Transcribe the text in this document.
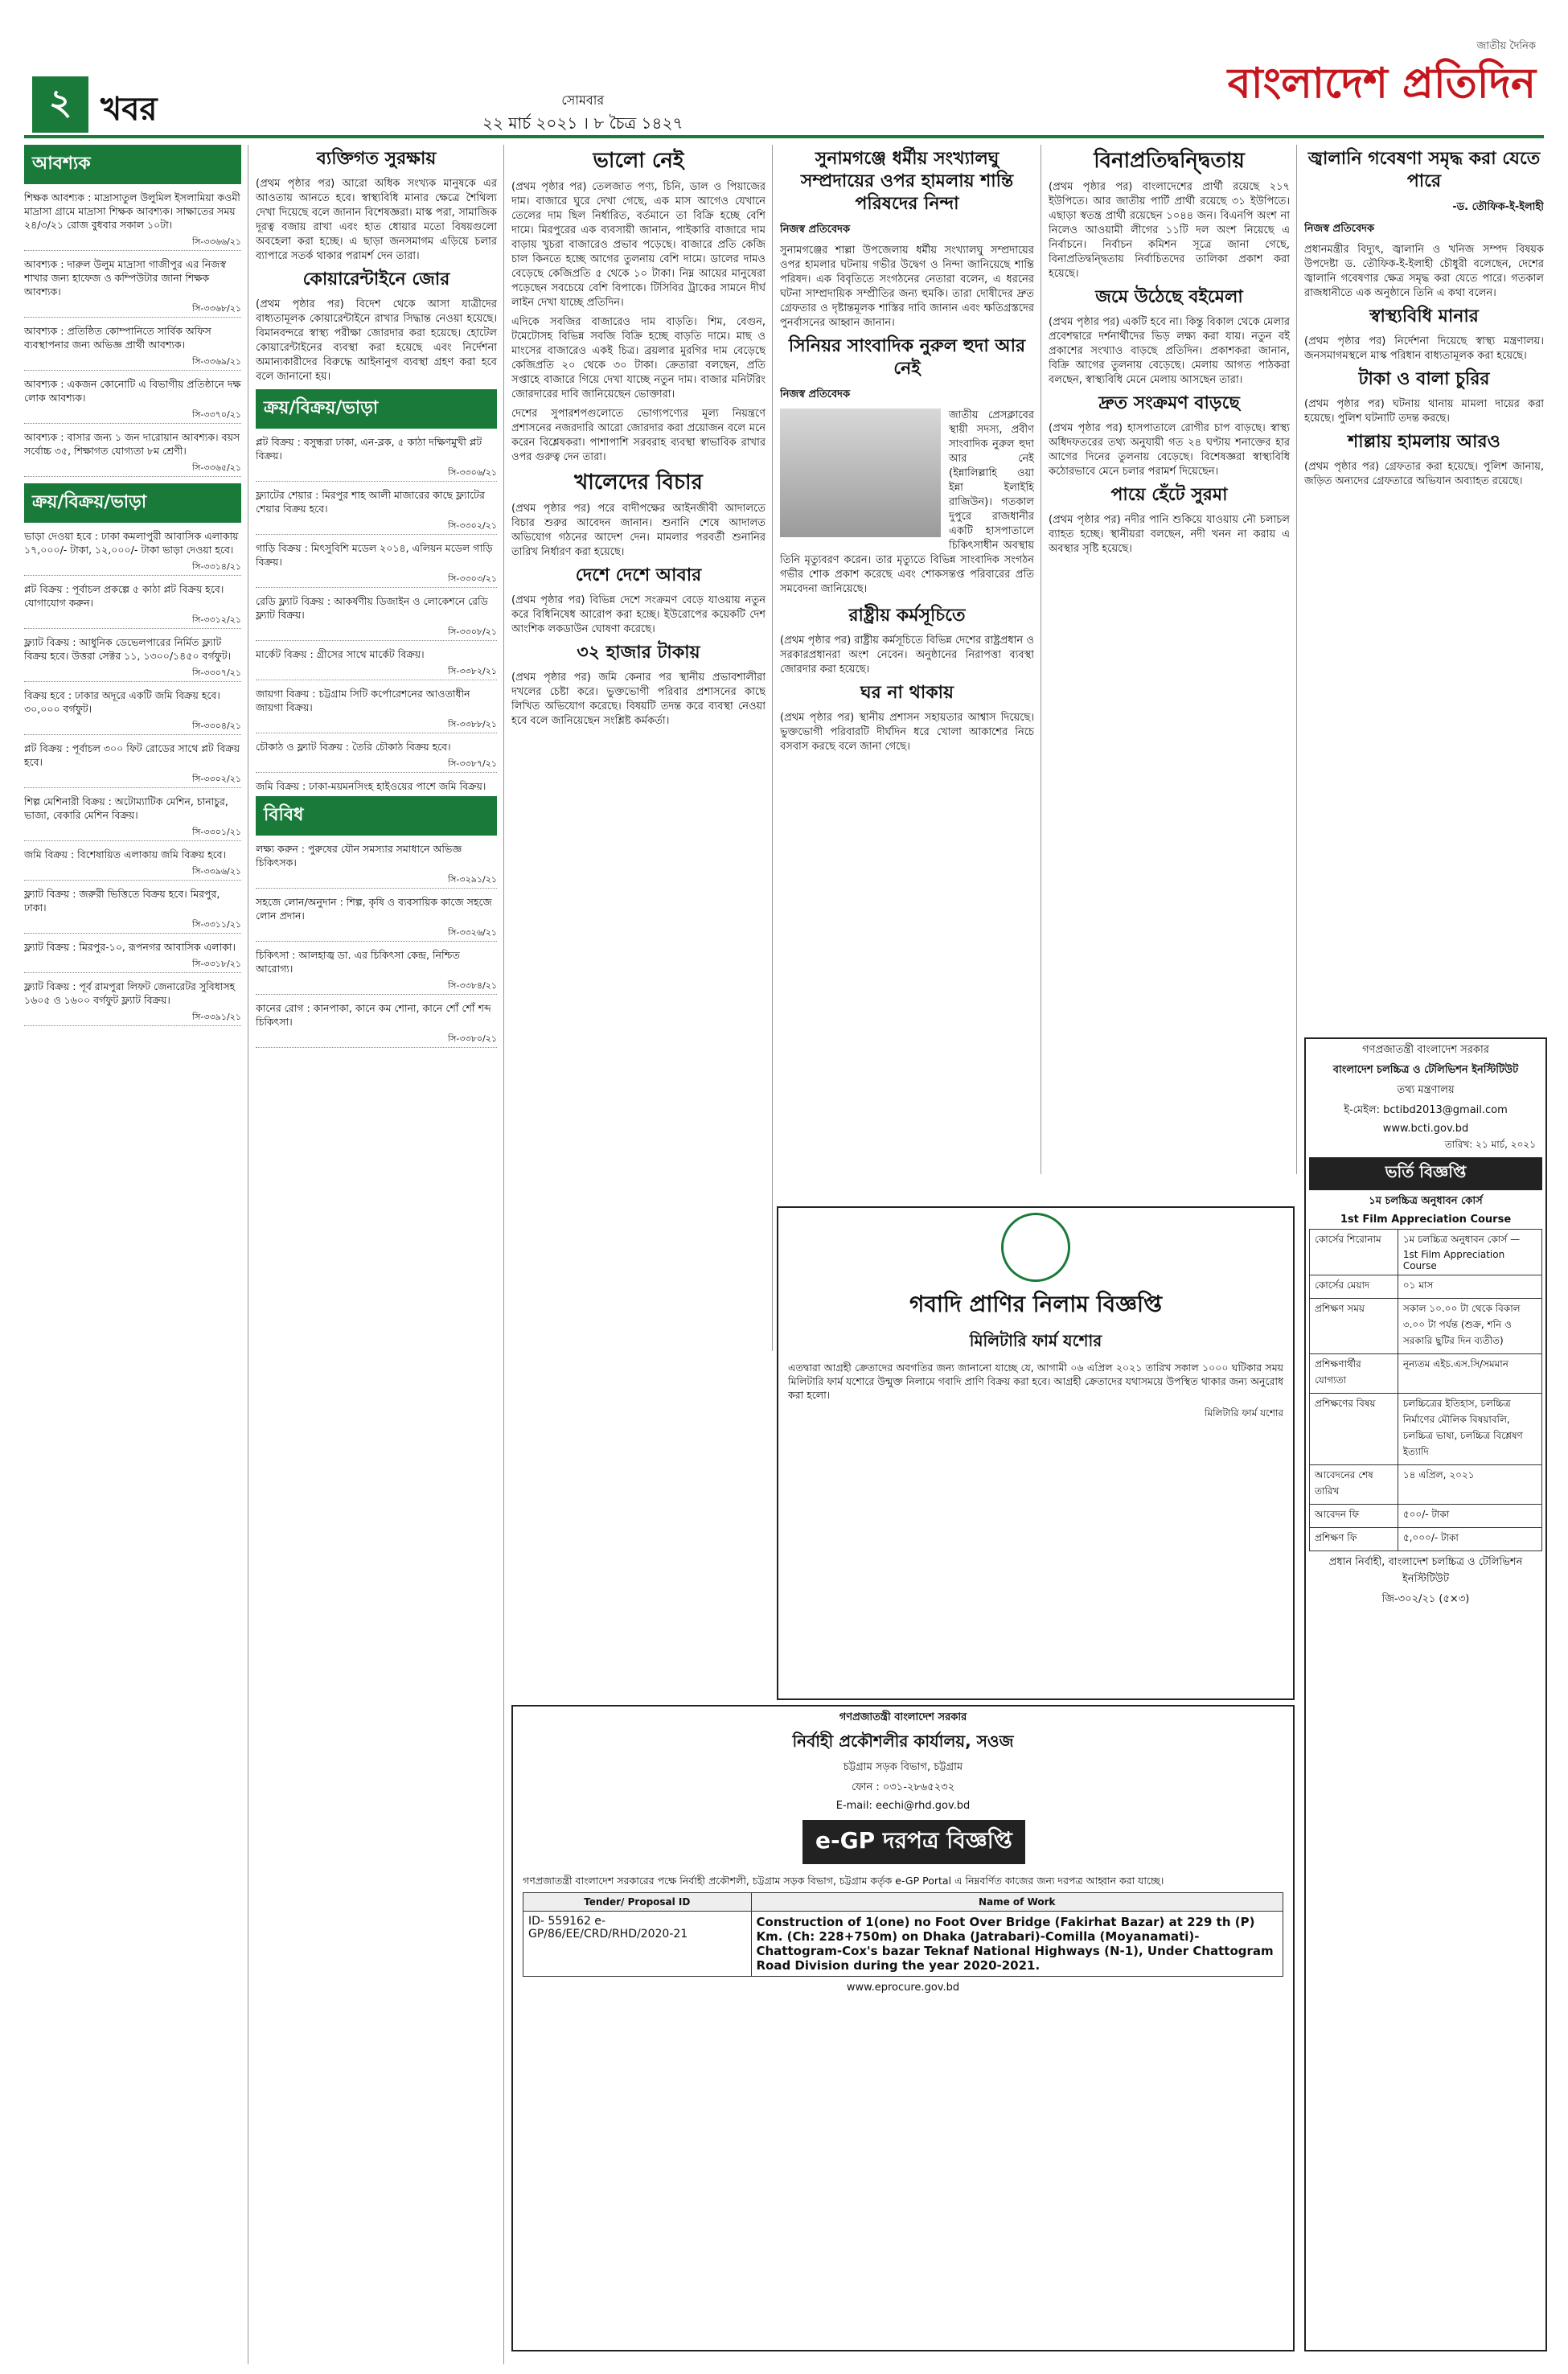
২ খবর	সোমবার
২২ মার্চ ২০২১ । ৮ চৈত্র ১৪২৭
জাতীয় দৈনিক
বাংলাদেশ প্রতিদিন
আবশ্যক
শিক্ষক আবশ্যক : মাদ্রাসাতুল উলুমিল ইসলামিয়া কওমী মাদ্রাসা গ্রামে মাদ্রাসা শিক্ষক আবশ্যক। সাক্ষাতের সময় ২৪/৩/২১ রোজ বুধবার সকাল ১০টা।
সি-৩৩৬৬/২১
আবশ্যক : দারুল উলুম মাদ্রাসা গাজীপুর এর নিজস্ব শাখার জন্য হাফেজ ও কম্পিউটার জানা শিক্ষক আবশ্যক।
সি-৩৩৬৮/২১
আবশ্যক : প্রতিষ্ঠিত কোম্পানিতে সার্বিক অফিস ব্যবস্থাপনার জন্য অভিজ্ঞ প্রার্থী আবশ্যক।
সি-৩৩৬৯/২১
আবশ্যক : একজন কোনোটি এ বিভাগীয় প্রতিষ্ঠানে দক্ষ লোক আবশ্যক।
সি-৩৩৭০/২১
আবশ্যক : বাসার জন্য ১ জন দারোয়ান আবশ্যক। বয়স সর্বোচ্চ ৩৫, শিক্ষাগত যোগ্যতা ৮ম শ্রেণী।
সি-৩৩৬৫/২১
ক্রয়/বিক্রয়/ভাড়া
ভাড়া দেওয়া হবে : ঢাকা কমলাপুরী আবাসিক এলাকায় ১৭,০০০/- টাকা, ১২,০০০/- টাকা ভাড়া দেওয়া হবে।
সি-৩৩১৪/২১
প্লট বিক্রয় : পূর্বাচল প্রকল্পে ৫ কাঠা প্লট বিক্রয় হবে। যোগাযোগ করুন।
সি-৩৩১২/২১
ফ্ল্যাট বিক্রয় : আধুনিক ডেভেলপারের নির্মিত ফ্ল্যাট বিক্রয় হবে। উত্তরা সেক্টর ১১, ১৩০০/১৪৫০ বর্গফুট।
সি-৩৩০৭/২১
বিক্রয় হবে : ঢাকার অদূরে একটি জমি বিক্রয় হবে। ৩০,০০০ বর্গফুট।
সি-৩৩০৪/২১
প্লট বিক্রয় : পূর্বাচল ৩০০ ফিট রোডের সাথে প্লট বিক্রয় হবে।
সি-৩৩০২/২১
শিল্প মেশিনারী বিক্রয় : অটোম্যাটিক মেশিন, চানাচুর, ভাজা, বেকারি মেশিন বিক্রয়।
সি-৩৩০১/২১
জমি বিক্রয় : বিশেষায়িত এলাকায় জমি বিক্রয় হবে।
সি-৩৩৯৬/২১
ফ্ল্যাট বিক্রয় : জরুরী ভিত্তিতে বিক্রয় হবে। মিরপুর, ঢাকা।
সি-৩৩১১/২১
ফ্ল্যাট বিক্রয় : মিরপুর-১০, রূপনগর আবাসিক এলাকা।
সি-৩৩১৮/২১
ফ্ল্যাট বিক্রয় : পূর্ব রামপুরা লিফট জেনারেটর সুবিধাসহ ১৬০৫ ও ১৬০০ বর্গফুট ফ্ল্যাট বিক্রয়।
সি-৩৩৯১/২১
ব্যক্তিগত সুরক্ষায়

(প্রথম পৃষ্ঠার পর) আরো অধিক সংখ্যক মানুষকে এর আওতায় আনতে হবে। স্বাস্থ্যবিধি মানার ক্ষেত্রে শৈথিল্য দেখা দিয়েছে বলে জানান বিশেষজ্ঞরা। মাস্ক পরা, সামাজিক দূরত্ব বজায় রাখা এবং হাত ধোয়ার মতো বিষয়গুলো অবহেলা করা হচ্ছে। এ ছাড়া জনসমাগম এড়িয়ে চলার ব্যাপারে সতর্ক থাকার পরামর্শ দেন তারা।

কোয়ারেন্টাইনে জোর

(প্রথম পৃষ্ঠার পর) বিদেশ থেকে আসা যাত্রীদের বাধ্যতামূলক কোয়ারেন্টাইনে রাখার সিদ্ধান্ত নেওয়া হয়েছে। বিমানবন্দরে স্বাস্থ্য পরীক্ষা জোরদার করা হয়েছে। হোটেল কোয়ারেন্টাইনের ব্যবস্থা করা হয়েছে এবং নির্দেশনা অমান্যকারীদের বিরুদ্ধে আইনানুগ ব্যবস্থা গ্রহণ করা হবে বলে জানানো হয়।

ক্রয়/বিক্রয়/ভাড়া
প্লট বিক্রয় : বসুন্ধরা ঢাকা, এন-ব্লক, ৫ কাঠা দক্ষিণমুখী প্লট বিক্রয়।
সি-৩৩০৬/২১
ফ্ল্যাটের শেয়ার : মিরপুর শাহ আলী মাজারের কাছে ফ্ল্যাটের শেয়ার বিক্রয় হবে।
সি-৩৩০২/২১
গাড়ি বিক্রয় : মিৎসুবিশি মডেল ২০১৪, এলিয়ন মডেল গাড়ি বিক্রয়।
সি-৩৩০৩/২১
রেডি ফ্ল্যাট বিক্রয় : আকর্ষণীয় ডিজাইন ও লোকেশনে রেডি ফ্ল্যাট বিক্রয়।
সি-৩৩০৮/২১
মার্কেট বিক্রয় : গ্রীসের সাথে মার্কেট বিক্রয়।
সি-৩৩৮২/২১
জায়গা বিক্রয় : চট্টগ্রাম সিটি কর্পোরেশনের আওতাধীন জায়গা বিক্রয়।
সি-৩৩৮৮/২১
চৌকাঠ ও ফ্ল্যাট বিক্রয় : তৈরি চৌকাঠ বিক্রয় হবে।
সি-৩৩৮৭/২১
জমি বিক্রয় : ঢাকা-ময়মনসিংহ হাইওয়ের পাশে জমি বিক্রয়।
বিবিধ
লক্ষ্য করুন : পুরুষের যৌন সমস্যার সমাধানে অভিজ্ঞ চিকিৎসক।
সি-৩২৯১/২১
সহজে লোন/অনুদান : শিল্প, কৃষি ও ব্যবসায়িক কাজে সহজে লোন প্রদান।
সি-৩৩২৬/২১
চিকিৎসা : আলহাজ্ব ডা. এর চিকিৎসা কেন্দ্র, নিশ্চিত আরোগ্য।
সি-৩৩৮৪/২১
কানের রোগ : কানপাকা, কানে কম শোনা, কানে শোঁ শোঁ শব্দ চিকিৎসা।
সি-৩৩৮০/২১
ভালো নেই

(প্রথম পৃষ্ঠার পর) তেলজাত পণ্য, চিনি, ডাল ও পিয়াজের দাম। বাজারে ঘুরে দেখা গেছে, এক মাস আগেও যেখানে তেলের দাম ছিল নির্ধারিত, বর্তমানে তা বিক্রি হচ্ছে বেশি দামে। মিরপুরের এক ব্যবসায়ী জানান, পাইকারি বাজারে দাম বাড়ায় খুচরা বাজারেও প্রভাব পড়েছে। বাজারে প্রতি কেজি চাল কিনতে হচ্ছে আগের তুলনায় বেশি দামে। ডালের দামও বেড়েছে কেজিপ্রতি ৫ থেকে ১০ টাকা। নিম্ন আয়ের মানুষেরা পড়েছেন সবচেয়ে বেশি বিপাকে। টিসিবির ট্রাকের সামনে দীর্ঘ লাইন দেখা যাচ্ছে প্রতিদিন।

এদিকে সবজির বাজারেও দাম বাড়তি। শিম, বেগুন, টমেটোসহ বিভিন্ন সবজি বিক্রি হচ্ছে বাড়তি দামে। মাছ ও মাংসের বাজারেও একই চিত্র। ব্রয়লার মুরগির দাম বেড়েছে কেজিপ্রতি ২০ থেকে ৩০ টাকা। ক্রেতারা বলছেন, প্রতি সপ্তাহে বাজারে গিয়ে দেখা যাচ্ছে নতুন দাম। বাজার মনিটরিং জোরদারের দাবি জানিয়েছেন ভোক্তারা।

দেশের সুপারশপগুলোতে ভোগ্যপণ্যের মূল্য নিয়ন্ত্রণে প্রশাসনের নজরদারি আরো জোরদার করা প্রয়োজন বলে মনে করেন বিশ্লেষকরা। পাশাপাশি সরবরাহ ব্যবস্থা স্বাভাবিক রাখার ওপর গুরুত্ব দেন তারা।

খালেদের বিচার

(প্রথম পৃষ্ঠার পর) পরে বাদীপক্ষের আইনজীবী আদালতে বিচার শুরুর আবেদন জানান। শুনানি শেষে আদালত অভিযোগ গঠনের আদেশ দেন। মামলার পরবর্তী শুনানির তারিখ নির্ধারণ করা হয়েছে।

দেশে দেশে আবার

(প্রথম পৃষ্ঠার পর) বিভিন্ন দেশে সংক্রমণ বেড়ে যাওয়ায় নতুন করে বিধিনিষেধ আরোপ করা হচ্ছে। ইউরোপের কয়েকটি দেশ আংশিক লকডাউন ঘোষণা করেছে।

৩২ হাজার টাকায়

(প্রথম পৃষ্ঠার পর) জমি কেনার পর স্থানীয় প্রভাবশালীরা দখলের চেষ্টা করে। ভুক্তভোগী পরিবার প্রশাসনের কাছে লিখিত অভিযোগ করেছে। বিষয়টি তদন্ত করে ব্যবস্থা নেওয়া হবে বলে জানিয়েছেন সংশ্লিষ্ট কর্মকর্তা।

সুনামগঞ্জে ধর্মীয় সংখ্যালঘু সম্প্রদায়ের ওপর হামলায় শান্তি পরিষদের নিন্দা
নিজস্ব প্রতিবেদক

সুনামগঞ্জের শাল্লা উপজেলায় ধর্মীয় সংখ্যালঘু সম্প্রদায়ের ওপর হামলার ঘটনায় গভীর উদ্বেগ ও নিন্দা জানিয়েছে শান্তি পরিষদ। এক বিবৃতিতে সংগঠনের নেতারা বলেন, এ ধরনের ঘটনা সাম্প্রদায়িক সম্প্রীতির জন্য হুমকি। তারা দোষীদের দ্রুত গ্রেফতার ও দৃষ্টান্তমূলক শাস্তির দাবি জানান এবং ক্ষতিগ্রস্তদের পুনর্বাসনের আহ্বান জানান।

সিনিয়র সাংবাদিক নুরুল হুদা আর নেই
নিজস্ব প্রতিবেদক

জাতীয় প্রেসক্লাবের স্থায়ী সদস্য, প্রবীণ সাংবাদিক নুরুল হুদা আর নেই (ইন্নালিল্লাহি ওয়া ইন্না ইলাইহি রাজিউন)। গতকাল দুপুরে রাজধানীর একটি হাসপাতালে চিকিৎসাধীন অবস্থায় তিনি মৃত্যুবরণ করেন। তার মৃত্যুতে বিভিন্ন সাংবাদিক সংগঠন গভীর শোক প্রকাশ করেছে এবং শোকসন্তপ্ত পরিবারের প্রতি সমবেদনা জানিয়েছে।

রাষ্ট্রীয় কর্মসূচিতে

(প্রথম পৃষ্ঠার পর) রাষ্ট্রীয় কর্মসূচিতে বিভিন্ন দেশের রাষ্ট্রপ্রধান ও সরকারপ্রধানরা অংশ নেবেন। অনুষ্ঠানের নিরাপত্তা ব্যবস্থা জোরদার করা হয়েছে।

ঘর না থাকায়

(প্রথম পৃষ্ঠার পর) স্থানীয় প্রশাসন সহায়তার আশ্বাস দিয়েছে। ভুক্তভোগী পরিবারটি দীর্ঘদিন ধরে খোলা আকাশের নিচে বসবাস করছে বলে জানা গেছে।

বিনাপ্রতিদ্বন্দ্বিতায়

(প্রথম পৃষ্ঠার পর) বাংলাদেশের প্রার্থী রয়েছে ২১৭ ইউপিতে। আর জাতীয় পার্টি প্রার্থী রয়েছে ৩১ ইউপিতে। এছাড়া স্বতন্ত্র প্রার্থী রয়েছেন ১০৪৪ জন। বিএনপি অংশ না নিলেও আওয়ামী লীগের ১১টি দল অংশ নিয়েছে এ নির্বাচনে। নির্বাচন কমিশন সূত্রে জানা গেছে, বিনাপ্রতিদ্বন্দ্বিতায় নির্বাচিতদের তালিকা প্রকাশ করা হয়েছে।

জমে উঠেছে বইমেলা

(প্রথম পৃষ্ঠার পর) একটি হবে না। কিন্তু বিকাল থেকে মেলার প্রবেশদ্বারে দর্শনার্থীদের ভিড় লক্ষ্য করা যায়। নতুন বই প্রকাশের সংখ্যাও বাড়ছে প্রতিদিন। প্রকাশকরা জানান, বিক্রি আগের তুলনায় বেড়েছে। মেলায় আগত পাঠকরা বলছেন, স্বাস্থ্যবিধি মেনে মেলায় আসছেন তারা।

দ্রুত সংক্রমণ বাড়ছে

(প্রথম পৃষ্ঠার পর) হাসপাতালে রোগীর চাপ বাড়ছে। স্বাস্থ্য অধিদফতরের তথ্য অনুযায়ী গত ২৪ ঘণ্টায় শনাক্তের হার আগের দিনের তুলনায় বেড়েছে। বিশেষজ্ঞরা স্বাস্থ্যবিধি কঠোরভাবে মেনে চলার পরামর্শ দিয়েছেন।

পায়ে হেঁটে সুরমা

(প্রথম পৃষ্ঠার পর) নদীর পানি শুকিয়ে যাওয়ায় নৌ চলাচল ব্যাহত হচ্ছে। স্থানীয়রা বলছেন, নদী খনন না করায় এ অবস্থার সৃষ্টি হয়েছে।

জ্বালানি গবেষণা সমৃদ্ধ করা যেতে পারে
-ড. তৌফিক-ই-ইলাহী
নিজস্ব প্রতিবেদক

প্রধানমন্ত্রীর বিদ্যুৎ, জ্বালানি ও খনিজ সম্পদ বিষয়ক উপদেষ্টা ড. তৌফিক-ই-ইলাহী চৌধুরী বলেছেন, দেশের জ্বালানি গবেষণার ক্ষেত্র সমৃদ্ধ করা যেতে পারে। গতকাল রাজধানীতে এক অনুষ্ঠানে তিনি এ কথা বলেন।

স্বাস্থ্যবিধি মানার

(প্রথম পৃষ্ঠার পর) নির্দেশনা দিয়েছে স্বাস্থ্য মন্ত্রণালয়। জনসমাগমস্থলে মাস্ক পরিধান বাধ্যতামূলক করা হয়েছে।

টাকা ও বালা চুরির

(প্রথম পৃষ্ঠার পর) ঘটনায় থানায় মামলা দায়ের করা হয়েছে। পুলিশ ঘটনাটি তদন্ত করছে।

শাল্লায় হামলায় আরও

(প্রথম পৃষ্ঠার পর) গ্রেফতার করা হয়েছে। পুলিশ জানায়, জড়িত অন্যদের গ্রেফতারে অভিযান অব্যাহত রয়েছে।

গবাদি প্রাণির নিলাম বিজ্ঞপ্তি
মিলিটারি ফার্ম যশোর
এতদ্বারা আগ্রহী ক্রেতাদের অবগতির জন্য জানানো যাচ্ছে যে, আগামী ০৬ এপ্রিল ২০২১ তারিখ সকাল ১০০০ ঘটিকার সময় মিলিটারি ফার্ম যশোরে উন্মুক্ত নিলামে গবাদি প্রাণি বিক্রয় করা হবে। আগ্রহী ক্রেতাদের যথাসময়ে উপস্থিত থাকার জন্য অনুরোধ করা হলো।
মিলিটারি ফার্ম যশোর
গণপ্রজাতন্ত্রী বাংলাদেশ সরকার
নির্বাহী প্রকৌশলীর কার্যালয়, সওজ
চট্টগ্রাম সড়ক বিভাগ, চট্টগ্রাম
ফোন : ০৩১-২৮৬৫২৩২
E-mail: eechi@rhd.gov.bd
e-GP দরপত্র বিজ্ঞপ্তি
গণপ্রজাতন্ত্রী বাংলাদেশ সরকারের পক্ষে নির্বাহী প্রকৌশলী, চট্টগ্রাম সড়ক বিভাগ, চট্টগ্রাম কর্তৃক e-GP Portal এ নিম্নবর্ণিত কাজের জন্য দরপত্র আহ্বান করা যাচ্ছে।
Tender/ Proposal ID	Name of Work
ID- 559162 e-GP/86/EE/CRD/RHD/2020-21	Construction of 1(one) no Foot Over Bridge (Fakirhat Bazar) at 229 th (P) Km. (Ch: 228+750m) on Dhaka (Jatrabari)-Comilla (Moyanamati)-Chattogram-Cox's bazar Teknaf National Highways (N-1), Under Chattogram Road Division during the year 2020-2021.
www.eprocure.gov.bd
গণপ্রজাতন্ত্রী বাংলাদেশ সরকার
বাংলাদেশ চলচ্চিত্র ও টেলিভিশন ইনস্টিটিউট
তথ্য মন্ত্রণালয়
ই-মেইল: bctibd2013@gmail.com
www.bcti.gov.bd
তারিখ: ২১ মার্চ, ২০২১
ভর্তি বিজ্ঞপ্তি
১ম চলচ্চিত্র অনুধাবন কোর্স
1st Film Appreciation Course
কোর্সের শিরোনাম	১ম চলচ্চিত্র অনুধাবন কোর্স — 1st Film Appreciation Course
কোর্সের মেয়াদ	০১ মাস
প্রশিক্ষণ সময়	সকাল ১০.০০ টা থেকে বিকাল ৩.০০ টা পর্যন্ত (শুক্র, শনি ও সরকারি ছুটির দিন ব্যতীত)
প্রশিক্ষণার্থীর যোগ্যতা	নূন্যতম এইচ.এস.সি/সমমান
প্রশিক্ষণের বিষয়	চলচ্চিত্রের ইতিহাস, চলচ্চিত্র নির্মাণের মৌলিক বিষয়াবলি, চলচ্চিত্র ভাষা, চলচ্চিত্র বিশ্লেষণ ইত্যাদি
আবেদনের শেষ তারিখ	১৪ এপ্রিল, ২০২১
আবেদন ফি	৫০০/- টাকা
প্রশিক্ষণ ফি	৫,০০০/- টাকা
প্রধান নির্বাহী, বাংলাদেশ চলচ্চিত্র ও টেলিভিশন ইনস্টিটিউট
জি-৩০২/২১ (৫×৩)
